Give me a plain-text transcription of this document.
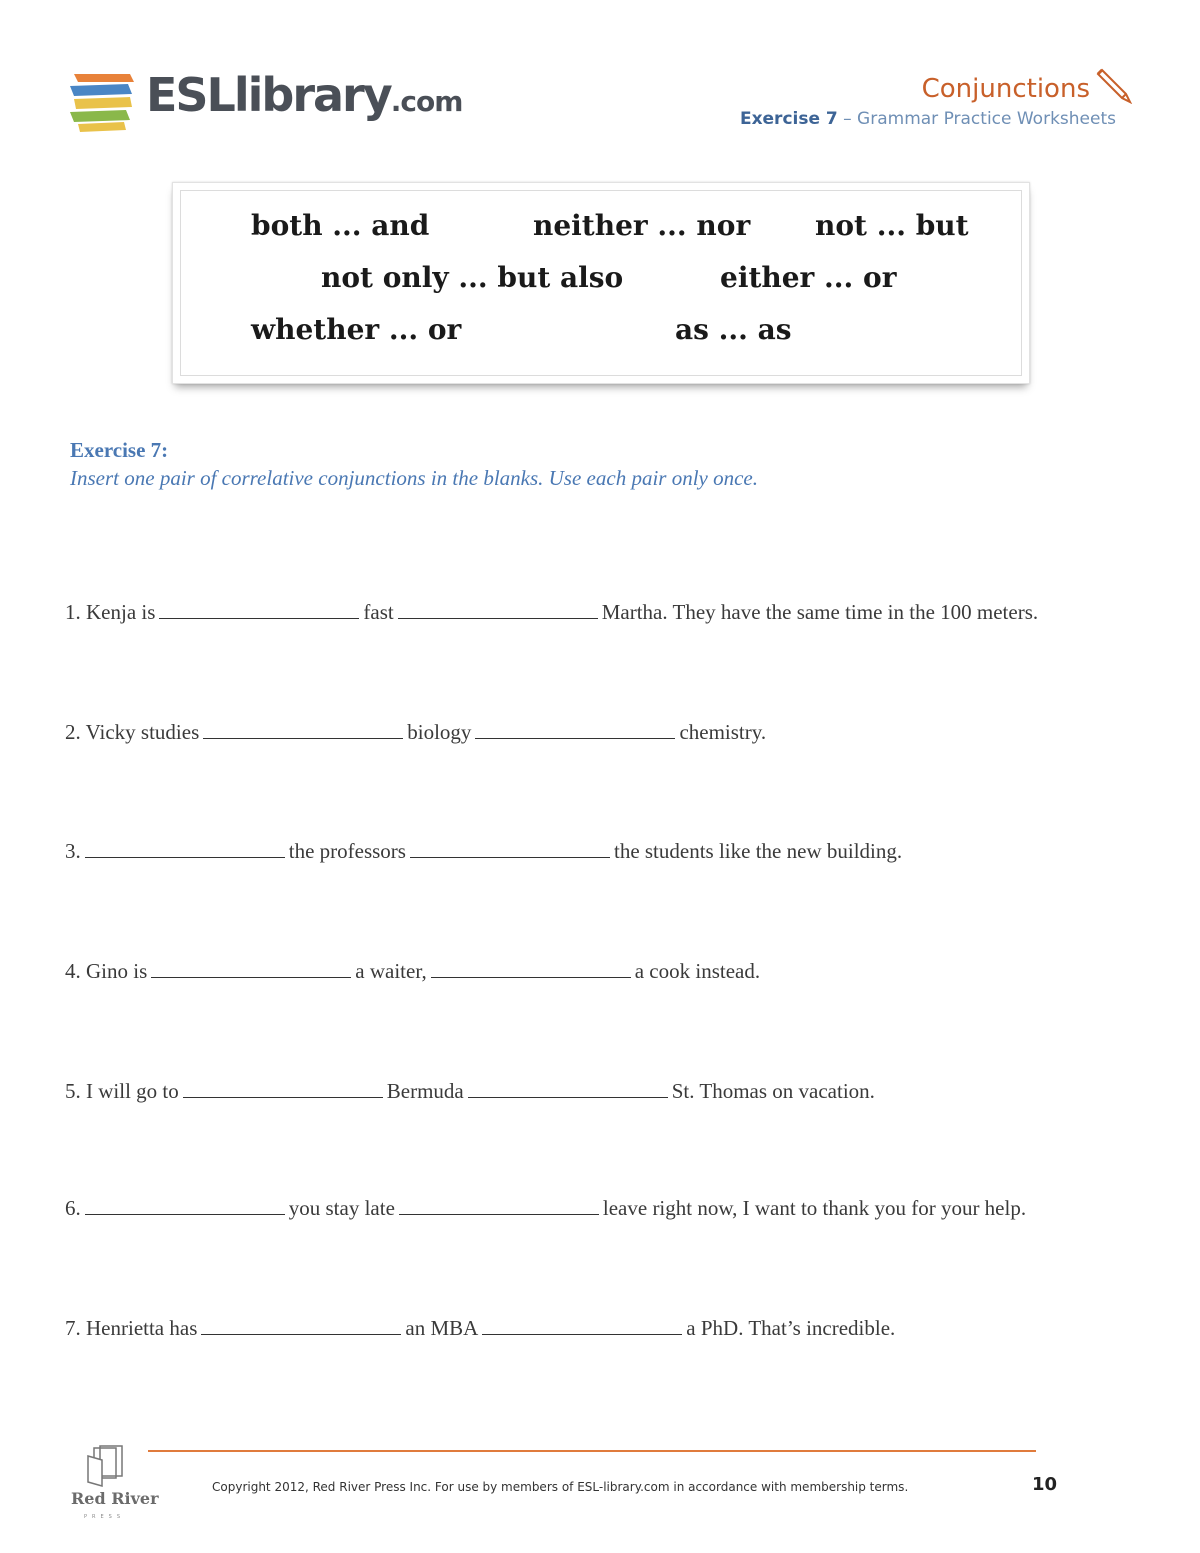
ESLlibrary.com	Conjunctions
Exercise 7 – Grammar Practice Worksheets
both ... and	neither ... nor not ... but
not only ... but also	either ... or
whether ... or	as ... as
Exercise 7:
Insert one pair of correlative conjunctions in the blanks. Use each pair only once.
1. Kenja is	fast	Martha. They have the same time in the 100 meters.
2. Vicky studies	biology	chemistry.
3.	the professors	the students like the new building.
4. Gino is	a waiter,	a cook instead.
5. I will go to	Bermuda	St. Thomas on vacation.
6.	you stay late	leave right now, I want to thank you for your help.
7. Henrietta has	an MBA	a PhD. That’s incredible.
PRESS
Red River
Copyright 2012, Red River Press Inc. For use by members of ESL-library.com in accordance with membership terms.	10
